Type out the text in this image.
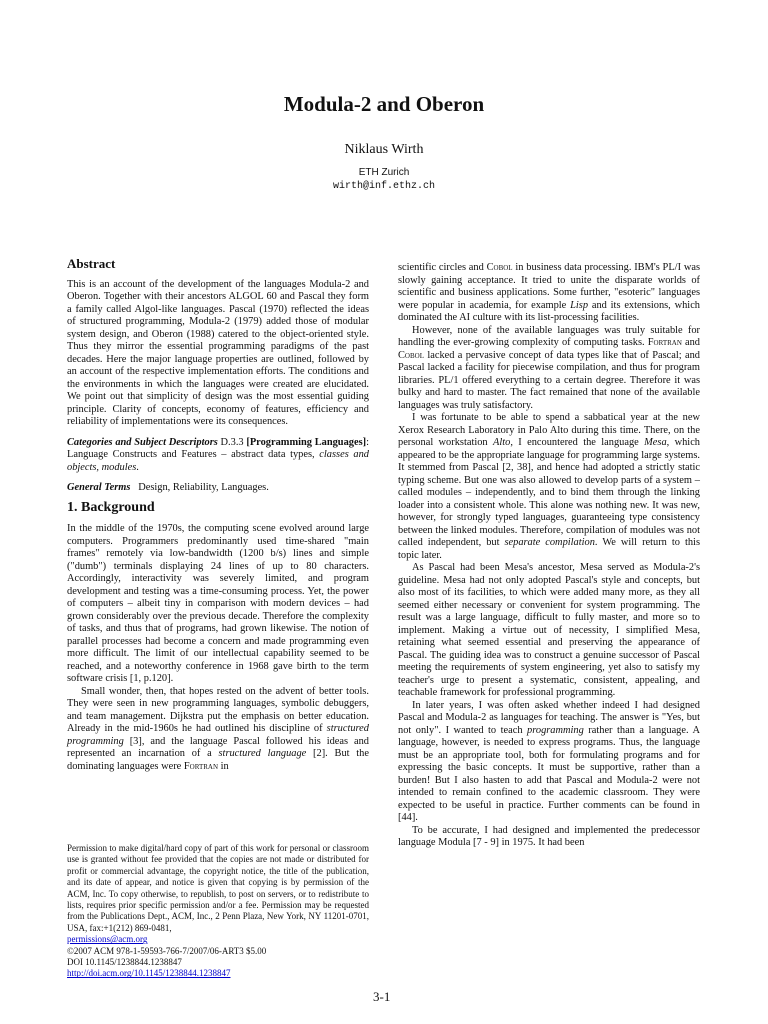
Modula-2 and Oberon
Niklaus Wirth
ETH Zurich
wirth@inf.ethz.ch
Abstract

This is an account of the development of the languages Modula-2 and Oberon. Together with their ancestors ALGOL 60 and Pascal they form a family called Algol-like languages. Pascal (1970) reflected the ideas of structured programming, Modula-2 (1979) added those of modular system design, and Oberon (1988) catered to the object-oriented style. Thus they mirror the essential programming paradigms of the past decades. Here the major language properties are outlined, followed by an account of the respective implementation efforts. The conditions and the environments in which the languages were created are elucidated. We point out that simplicity of design was the most essential guiding principle. Clarity of concepts, economy of features, efficiency and reliability of implementations were its consequences.

Categories and Subject Descriptors D.3.3 [Programming Languages]: Language Constructs and Features – abstract data types, classes and objects, modules.

General Terms Design, Reliability, Languages.

1. Background

In the middle of the 1970s, the computing scene evolved around large computers. Programmers predominantly used time-shared "main frames" remotely via low-bandwidth (1200 b/s) lines and simple ("dumb") terminals displaying 24 lines of up to 80 characters. Accordingly, interactivity was severely limited, and program development and testing was a time-consuming process. Yet, the power of computers – albeit tiny in comparison with modern devices – had grown considerably over the previous decade. Therefore the complexity of tasks, and thus that of programs, had grown likewise. The notion of parallel processes had become a concern and made programming even more difficult. The limit of our intellectual capability seemed to be reached, and a noteworthy conference in 1968 gave birth to the term software crisis [1, p.120].

Small wonder, then, that hopes rested on the advent of better tools. They were seen in new programming languages, symbolic debuggers, and team management. Dijkstra put the emphasis on better education. Already in the mid-1960s he had outlined his discipline of structured programming [3], and the language Pascal followed his ideas and represented an incarnation of a structured language [2]. But the dominating languages were Fortran in

Permission to make digital/hard copy of part of this work for personal or classroom use is granted without fee provided that the copies are not made or distributed for profit or commercial advantage, the copyright notice, the title of the publication, and its date of appear, and notice is given that copying is by permission of the ACM, Inc. To copy otherwise, to republish, to post on servers, or to redistribute to lists, requires prior specific permission and/or a fee. Permission may be requested from the Publications Dept., ACM, Inc., 2 Penn Plaza, New York, NY 11201-0701, USA, fax:+1(212) 869-0481,

permissions@acm.org

©2007 ACM 978-1-59593-766-7/2007/06-ART3 $5.00

DOI 10.1145/1238844.1238847

http://doi.acm.org/10.1145/1238844.1238847

scientific circles and Cobol in business data processing. IBM's PL/I was slowly gaining acceptance. It tried to unite the disparate worlds of scientific and business applications. Some further, "esoteric" languages were popular in academia, for example Lisp and its extensions, which dominated the AI culture with its list-processing facilities.

However, none of the available languages was truly suitable for handling the ever-growing complexity of computing tasks. Fortran and Cobol lacked a pervasive concept of data types like that of Pascal; and Pascal lacked a facility for piecewise compilation, and thus for program libraries. PL/1 offered everything to a certain degree. Therefore it was bulky and hard to master. The fact remained that none of the available languages was truly satisfactory.

I was fortunate to be able to spend a sabbatical year at the new Xerox Research Laboratory in Palo Alto during this time. There, on the personal workstation Alto, I encountered the language Mesa, which appeared to be the appropriate language for programming large systems. It stemmed from Pascal [2, 38], and hence had adopted a strictly static typing scheme. But one was also allowed to develop parts of a system – called modules – independently, and to bind them through the linking loader into a consistent whole. This alone was nothing new. It was new, however, for strongly typed languages, guaranteeing type consistency between the linked modules. Therefore, compilation of modules was not called independent, but separate compilation. We will return to this topic later.

As Pascal had been Mesa's ancestor, Mesa served as Modula-2's guideline. Mesa had not only adopted Pascal's style and concepts, but also most of its facilities, to which were added many more, as they all seemed either necessary or convenient for system programming. The result was a large language, difficult to fully master, and more so to implement. Making a virtue out of necessity, I simplified Mesa, retaining what seemed essential and preserving the appearance of Pascal. The guiding idea was to construct a genuine successor of Pascal meeting the requirements of system engineering, yet also to satisfy my teacher's urge to present a systematic, consistent, appealing, and teachable framework for professional programming.

In later years, I was often asked whether indeed I had designed Pascal and Modula-2 as languages for teaching. The answer is "Yes, but not only". I wanted to teach programming rather than a language. A language, however, is needed to express programs. Thus, the language must be an appropriate tool, both for formulating programs and for expressing the basic concepts. It must be supportive, rather than a burden! But I also hasten to add that Pascal and Modula-2 were not intended to remain confined to the academic classroom. They were expected to be useful in practice. Further comments can be found in [44].

To be accurate, I had designed and implemented the predecessor language Modula [7 - 9] in 1975. It had been

3-1
